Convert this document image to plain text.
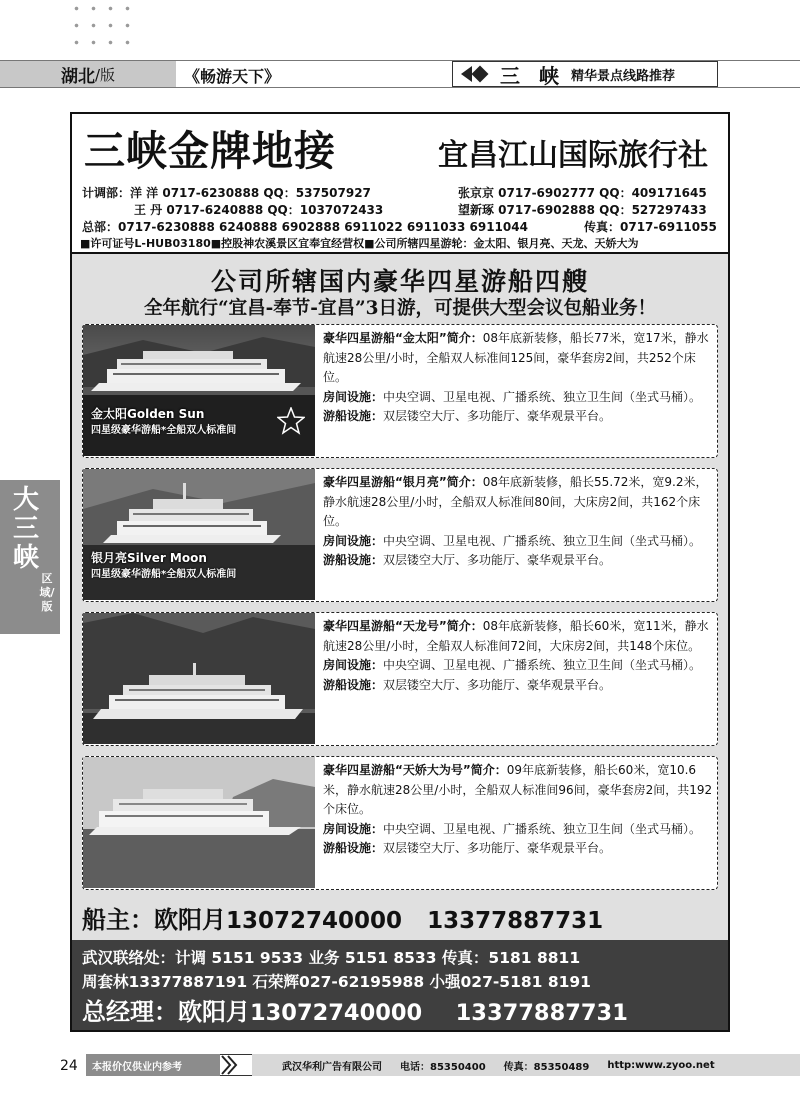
湖北 /版	《畅游天下》	三 峡 精华景点线路推荐
大三峡
区域/版
三峡金牌地接	宜昌江山国际旅行社
计调部：洋 洋 0717-6230888 QQ：537507927	张京京 0717-6902777 QQ：409171645
王 丹 0717-6240888 QQ：1037072433	望新琢 0717-6902888 QQ：527297433
总部：0717-6230888 6240888 6902888 6911022 6911033 6911044	传真：0717-6911055
■许可证号L-HUB03180■控股神农溪景区宜奉宜经营权■公司所辖四星游轮：金太阳、银月亮、天龙、天娇大为
公司所辖国内豪华四星游船四艘
全年航行“宜昌-奉节-宜昌”3日游，可提供大型会议包船业务！
金太阳Golden Sun
四星级豪华游船*全船双人标准间
豪华四星游船“金太阳”简介：08年底新装修，船长77米，宽17米，静水航速28公里/小时，全船双人标准间125间，豪华套房2间，共252个床位。
房间设施： 中央空调、卫星电视、广播系统、独立卫生间（坐式马桶）。
游船设施： 双层镂空大厅、多功能厅、豪华观景平台。
银月亮Silver Moon
四星级豪华游船*全船双人标准间
豪华四星游船“银月亮”简介：08年底新装修，船长55.72米，宽9.2米，静水航速28公里/小时，全船双人标准间80间，大床房2间，共162个床位。
房间设施： 中央空调、卫星电视、广播系统、独立卫生间（坐式马桶）。
游船设施： 双层镂空大厅、多功能厅、豪华观景平台。
豪华四星游船“天龙号”简介：08年底新装修，船长60米，宽11米，静水航速28公里/小时，全船双人标准间72间，大床房2间，共148个床位。
房间设施： 中央空调、卫星电视、广播系统、独立卫生间（坐式马桶）。
游船设施： 双层镂空大厅、多功能厅、豪华观景平台。
豪华四星游船“天娇大为号”简介：09年底新装修，船长60米，宽10.6米，静水航速28公里/小时，全船双人标准间96间，豪华套房2间，共192个床位。
房间设施： 中央空调、卫星电视、广播系统、独立卫生间（坐式马桶）。
游船设施： 双层镂空大厅、多功能厅、豪华观景平台。
船主：欧阳月13072740000 13377887731
武汉联络处：计调 5151 9533 业务 5151 8533 传真：5181 8811
周套林13377887191 石荣辉027-62195988 小强027-5181 8191
总经理：欧阳月13072740000 13377887731
24	本报价仅供业内参考	武汉华利广告有限公司 电话：85350400 传真：85350489 http:www.zyoo.net
